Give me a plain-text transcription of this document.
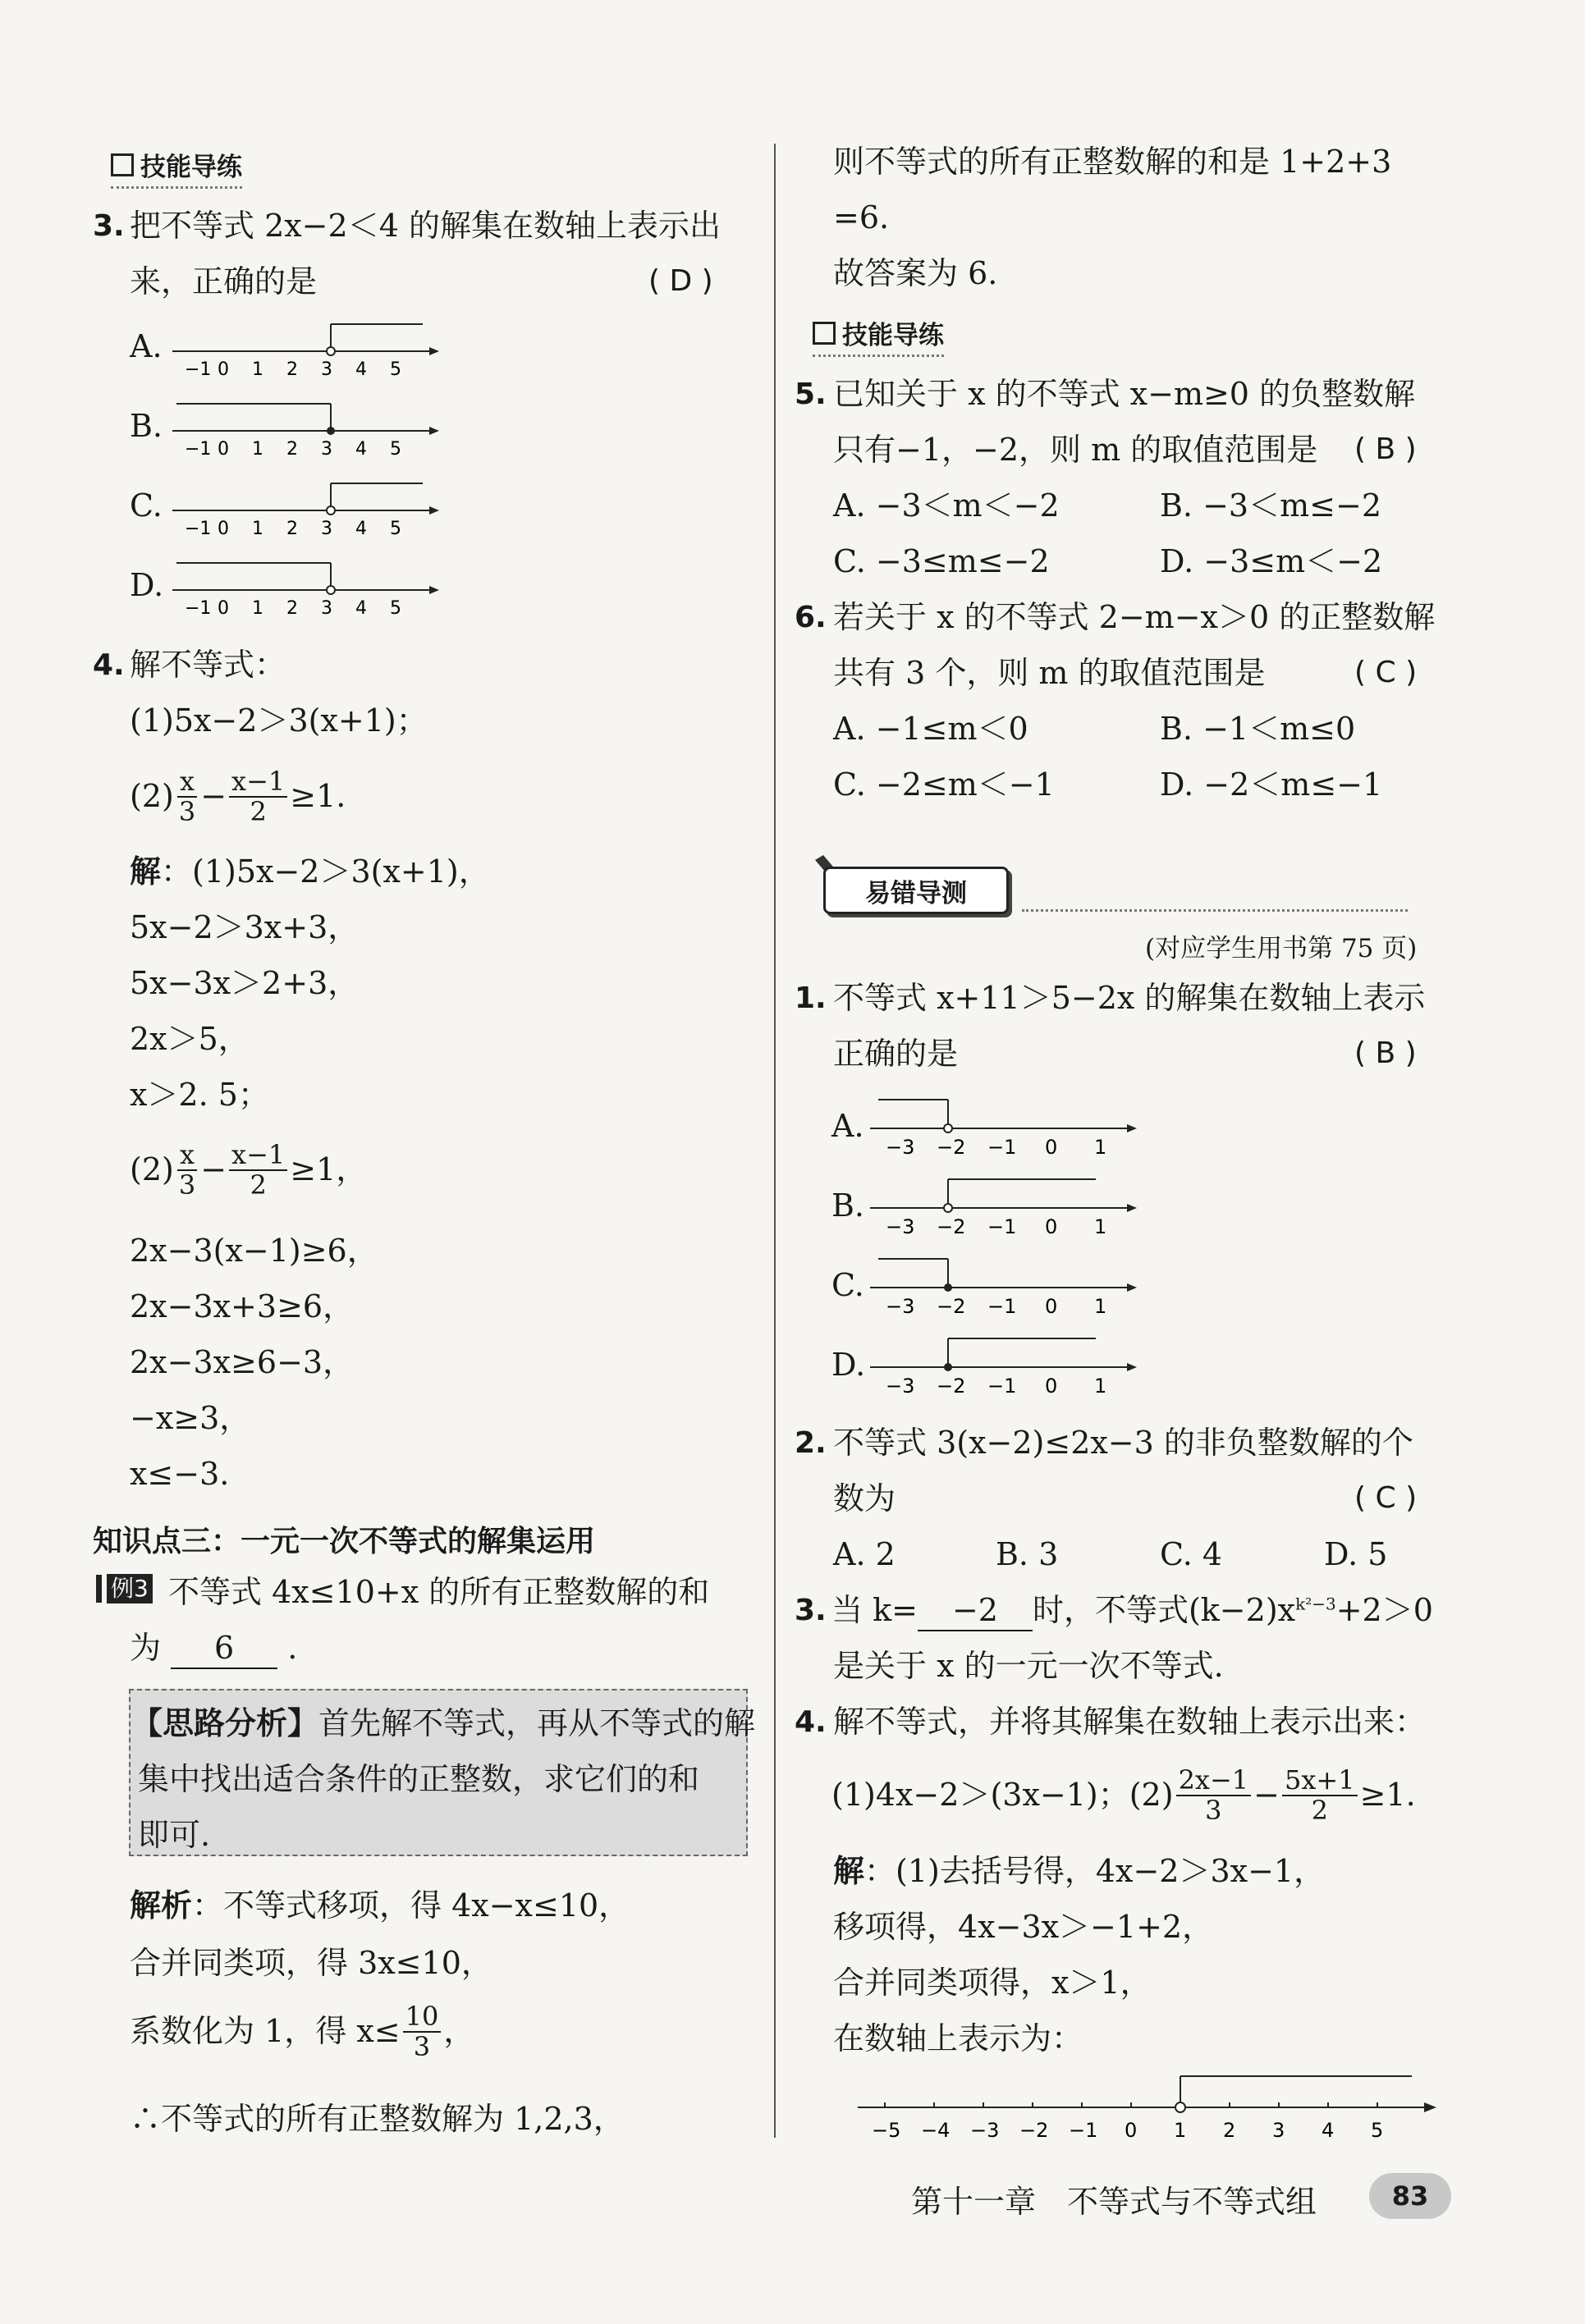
技能导练
3. 把不等式 2x−2＜4 的解集在数轴上表示出
来，正确的是	( D )
A.
B.
C.
D.
−1 0 1 2 3 4 5
−1 0 1 2 3 4 5
−1 0 1 2 3 4 5
−1 0 1 2 3 4 5
4. 解不等式：
(1)5x−2＞3(x+1)；
$(2) \frac{x}{3} - \frac{x-1}{2} \ge 1$.
解：(1)5x−2＞3(x+1)，
5x−2＞3x+3，
5x−3x＞2+3，
2x＞5，
x＞2. 5；
$(2) \frac{x}{3} - \frac{x-1}{2} \ge 1$，
2x−3(x−1)≥6，
2x−3x+3≥6，
2x−3x≥6−3，
−x≥3，
x≤−3.
知识点三：一元一次不等式的解集运用
例3 不等式 4x≤10+x 的所有正整数解的和
为 6 .
【思路分析】首先解不等式，再从不等式的解
集中找出适合条件的正整数，求它们的和
即可.
解析：不等式移项，得 4x−x≤10，
合并同类项，得 3x≤10，
系数化为 1，得 $x\le \frac{10}{3}$ ，
∴不等式的所有正整数解为 1,2,3，
则不等式的所有正整数解的和是 1+2+3
=6.
故答案为 6.
技能导练
5. 已知关于 x 的不等式 x−m≥0 的负整数解
只有−1，−2，则 m 的取值范围是 ( B )
A. −3＜m＜−2	B. −3＜m≤−2
C. −3≤m≤−2	D. −3≤m＜−2
6. 若关于 x 的不等式 2−m−x＞0 的正整数解
共有 3 个，则 m 的取值范围是	( C )
A. −1≤m＜0	B. −1＜m≤0
C. −2≤m＜−1	D. −2＜m≤−1
易错导测
(对应学生用书第 75 页)
1. 不等式 x+11＞5−2x 的解集在数轴上表示
正确的是	( B )
A.
B.
C.
D.
−3 −2 −1 0 1
−3 −2 −1 0 1
−3 −2 −1 0 1
−3 −2 −1 0 1
2. 不等式 3(x−2)≤2x−3 的非负整数解的个
数为	( C )
A. 2	B. 3	C. 4	D. 5
3. 当 k= −2 时，不等式$(k-2)x^{k^2-3}+2>0$
是关于 x 的一元一次不等式.
4. 解不等式，并将其解集在数轴上表示出来：
(1)4x−2＞(3x−1)；$(2) \frac{2x-1}{3} - \frac{5x+1}{2} \ge 1$.
解：(1)去括号得，4x−2＞3x−1，
移项得，4x−3x＞−1+2，
合并同类项得，x＞1，
在数轴上表示为：
−5 −4 −3 −2 −1 0 1 2 3 4 5
第十一章　不等式与不等式组	83
